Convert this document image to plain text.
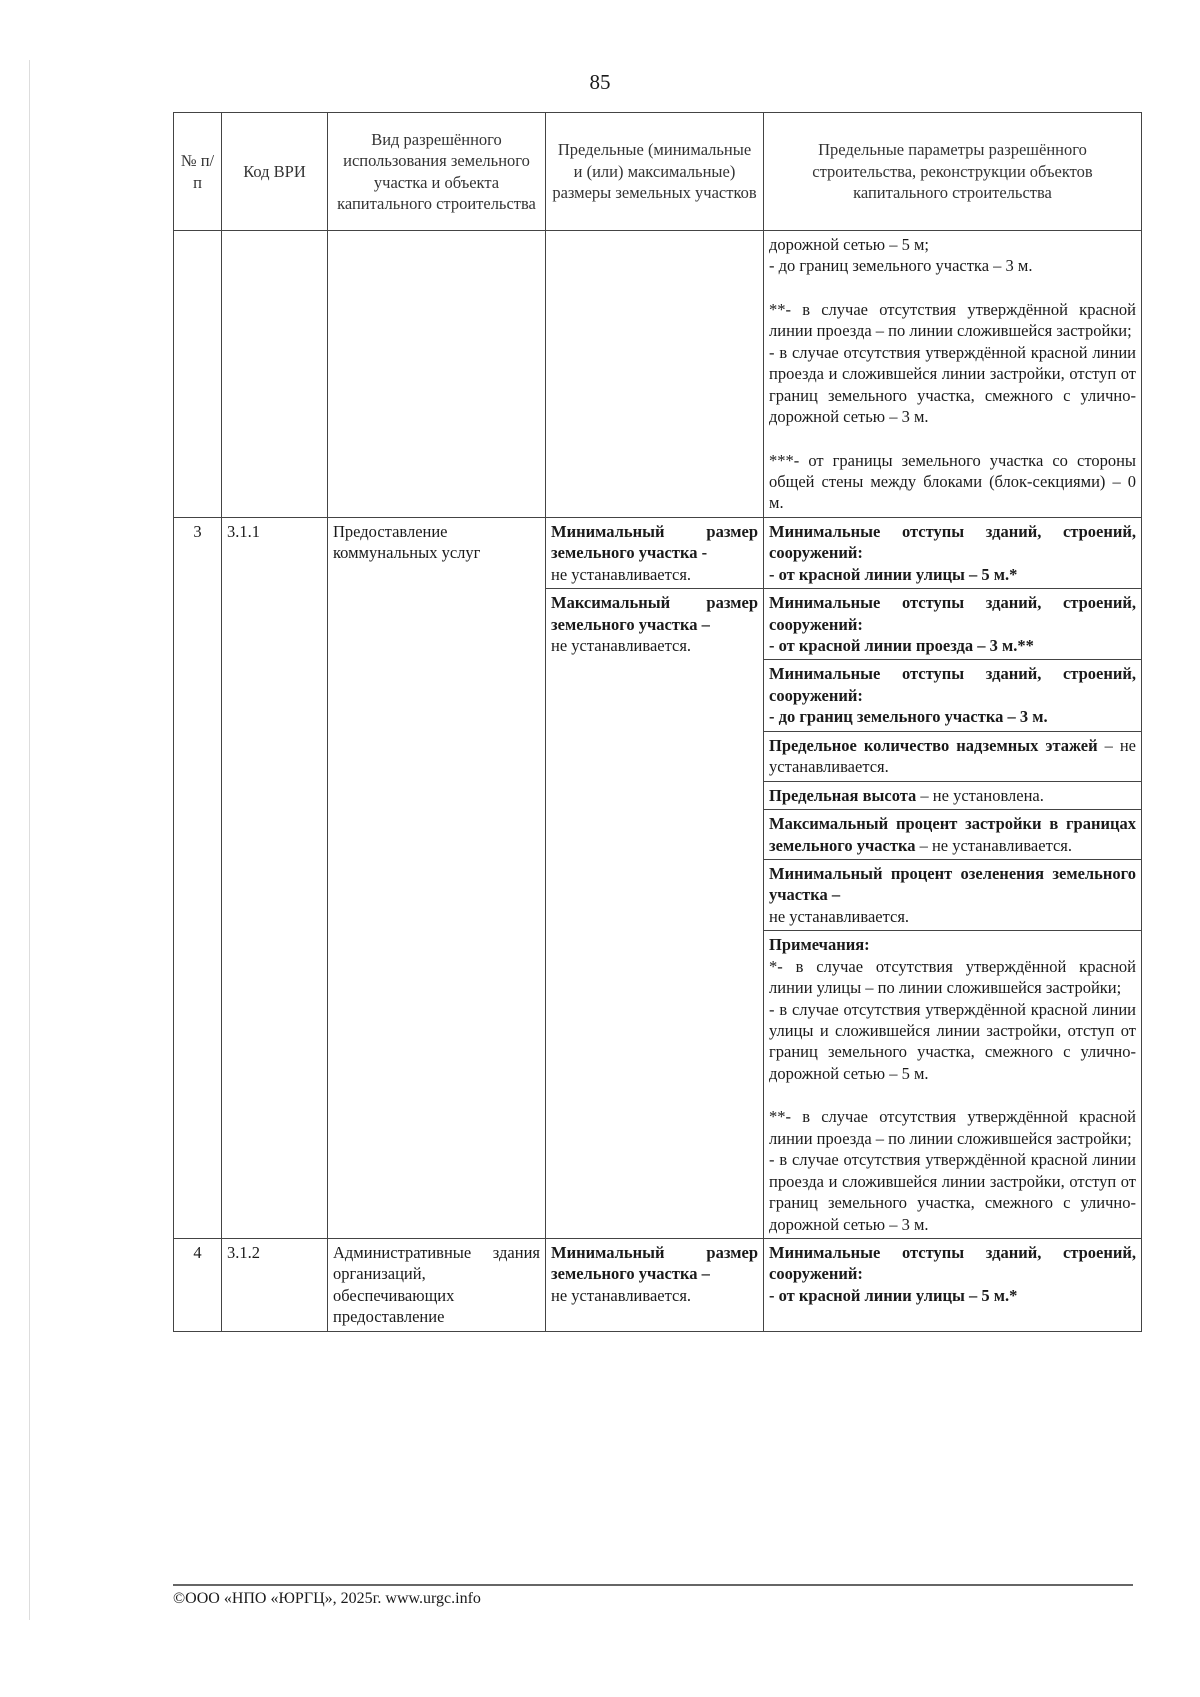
85
№ п/п	Код ВРИ	Вид разрешённого использования земельного участка и объекта капитального строительства	Предельные (минимальные и (или) максимальные) размеры земельных участков	Предельные параметры разрешённого строительства, реконструкции объектов капитального строительства

				дорожной сетью – 5 м;
- до границ земельного участка – 3 м.
**- в случае отсутствия утверждённой красной линии проезда – по линии сложившейся застройки;
- в случае отсутствия утверждённой красной линии проезда и сложившейся линии застройки, отступ от границ земельного участка, смежного с улично-дорожной сетью – 3 м.
***- от границы земельного участка со стороны общей стены между блоками (блок-секциями) – 0 м.

3	3.1.1	Предоставление коммунальных услуг	Минимальный размер земельного участка -
не устанавливается.	Минимальные отступы зданий, строений, сооружений:
- от красной линии улицы – 5 м.*

			Максимальный размер земельного участка –
не устанавливается.	Минимальные отступы зданий, строений, сооружений:
- от красной линии проезда – 3 м.**

				Минимальные отступы зданий, строений, сооружений:
- до границ земельного участка – 3 м.

				Предельное количество надземных этажей – не устанавливается.
				Предельная высота – не установлена.
				Максимальный процент застройки в границах земельного участка – не устанавливается.

				Минимальный процент озеленения земельного участка –
не устанавливается.

				Примечания:
*- в случае отсутствия утверждённой красной линии улицы – по линии сложившейся застройки;
- в случае отсутствия утверждённой красной линии улицы и сложившейся линии застройки, отступ от границ земельного участка, смежного с улично-дорожной сетью – 5 м.
**- в случае отсутствия утверждённой красной линии проезда – по линии сложившейся застройки;
- в случае отсутствия утверждённой красной линии проезда и сложившейся линии застройки, отступ от границ земельного участка, смежного с улично-дорожной сетью – 3 м.

4	3.1.2	Административные здания организаций, обеспечивающих предоставление	Минимальный размер земельного участка –
не устанавливается.	Минимальные отступы зданий, строений, сооружений:
- от красной линии улицы – 5 м.*
©ООО «НПО «ЮРГЦ», 2025г. www.urgc.info
